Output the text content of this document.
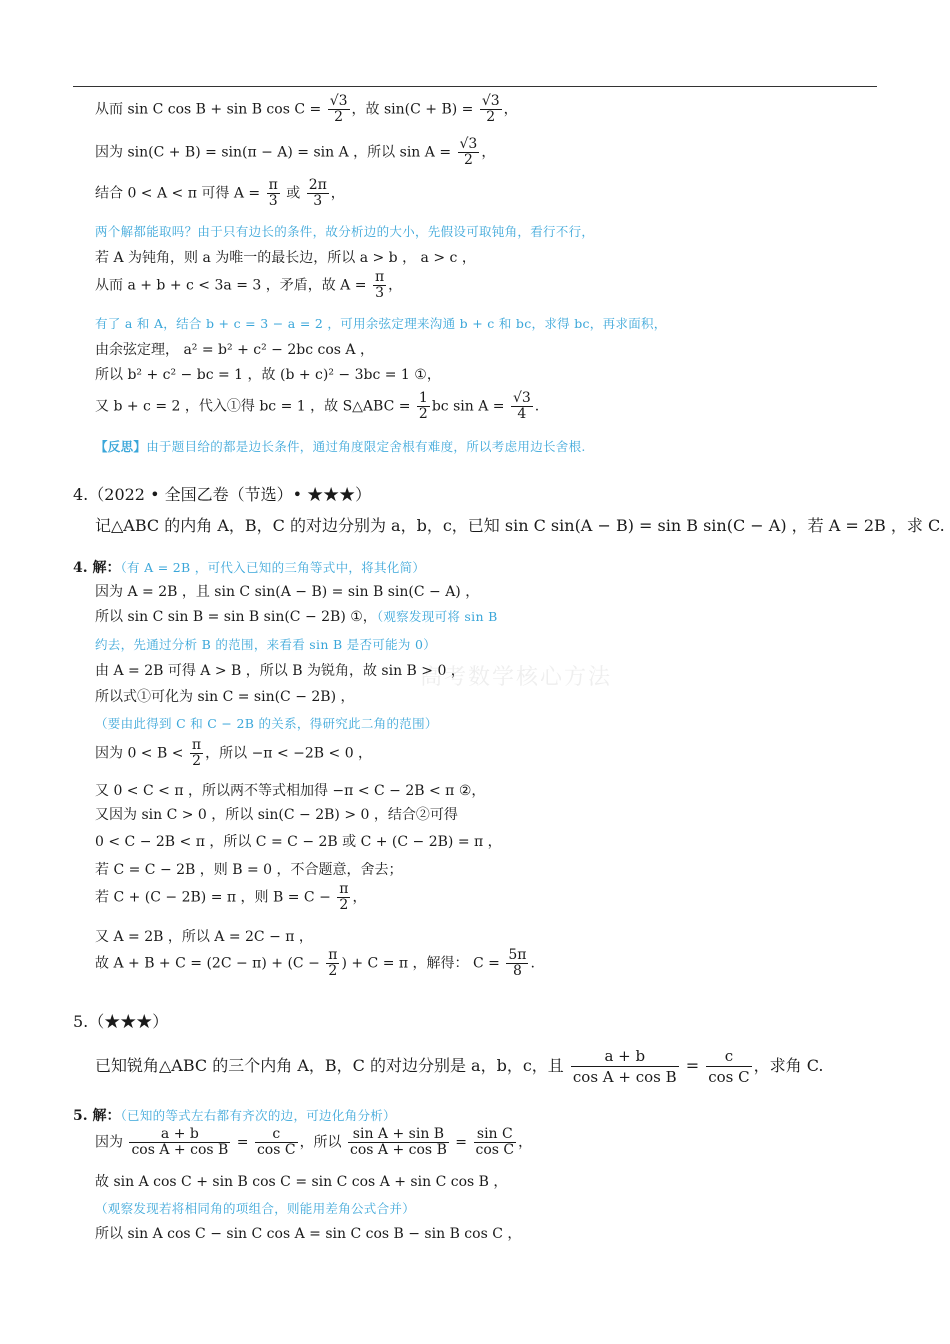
高考数学核心方法
从而 sin C cos B + sin B $\cos C = \frac{√3}{2}$ ，故 $\sin(C + B) = \frac{√3}{2}$ ，
因为 sin(C + B) = sin(π − A) = sin A ，所以 $\sin A = \frac{√3}{2}$ ，
结合 0 < A < π 可得 $A = \frac{\pi}{3}$ 或 $\frac{2\pi}{3}$ ，
两个解都能取吗？由于只有边长的条件，故分析边的大小，先假设可取钝角，看行不行，
若 A 为钝角，则 a 为唯一的最长边，所以 a > b ， a > c ，
从而 a + b + c < 3a = 3 ，矛盾，故 $A = \frac{\pi}{3}$ ，
有了 a 和 A，结合 b + c = 3 − a = 2 ，可用余弦定理来沟通 b + c 和 bc，求得 bc，再求面积，
由余弦定理， a² = b² + c² − 2bc cos A ，
所以 b² + c² − bc = 1 ，故 (b + c)² − 3bc = 1 ①，
又 b + c = 2 ，代入①得 bc = 1 ，故 S△ABC = $\frac{1}{2}$ bc $\sin A = \frac{√3}{4}$ .
【反思】由于题目给的都是边长条件，通过角度限定舍根有难度，所以考虑用边长舍根.
4.（2022 • 全国乙卷（节选）• ★★★）
记△ABC 的内角 A，B，C 的对边分别为 a，b，c，已知 sin C sin(A − B) = sin B sin(C − A) ，若 A = 2B ，求 C.
4. 解：（有 A = 2B ，可代入已知的三角等式中，将其化简）
因为 A = 2B ，且 sin C sin(A − B) = sin B sin(C − A) ，
所以 sin C sin B = sin B sin(C − 2B) ①，（观察发现可将 sin B
约去，先通过分析 B 的范围，来看看 sin B 是否可能为 0）
由 A = 2B 可得 A > B ，所以 B 为锐角，故 sin B > 0 ，
所以式①可化为 sin C = sin(C − 2B) ，
（要由此得到 C 和 C − 2B 的关系，得研究此二角的范围）
因为 $0 < B < \frac{\pi}{2}$ ，所以 −π < −2B < 0 ，
又 0 < C < π ，所以两不等式相加得 −π < C − 2B < π ②，
又因为 sin C > 0 ，所以 sin(C − 2B) > 0 ，结合②可得
0 < C − 2B < π ，所以 C = C − 2B 或 C + (C − 2B) = π ，
若 C = C − 2B ，则 B = 0 ，不合题意，舍去；
若 C + (C − 2B) = π ，则 $B = C - \frac{\pi}{2}$ ，
又 A = 2B ，所以 A = 2C − π ，
故 $A + B + C = (2C - \pi) + (C - \frac{\pi}{2}$ ) + C = π ，解得： $C = \frac{5\pi}{8}$ .
5.（★★★）
已知锐角△ABC 的三个内角 A，B，C 的对边分别是 a，b，c，且 $\frac{a + b}{\text{cos A + cos B}} = \frac{c}{\text{cos C}}$ ，求角 C.
5. 解：（已知的等式左右都有齐次的边，可边化角分析）
因为 $\frac{a + b}{\text{cos A + cos B}} = \frac{c}{\text{cos C}}$ ，所以 $\frac{\text{sin A + sin B}}{\text{cos A + cos B}} = \frac{\text{sin C}}{\text{cos C}}$ ，
故 sin A cos C + sin B cos C = sin C cos A + sin C cos B ，
（观察发现若将相同角的项组合，则能用差角公式合并）
所以 sin A cos C − sin C cos A = sin C cos B − sin B cos C ，
